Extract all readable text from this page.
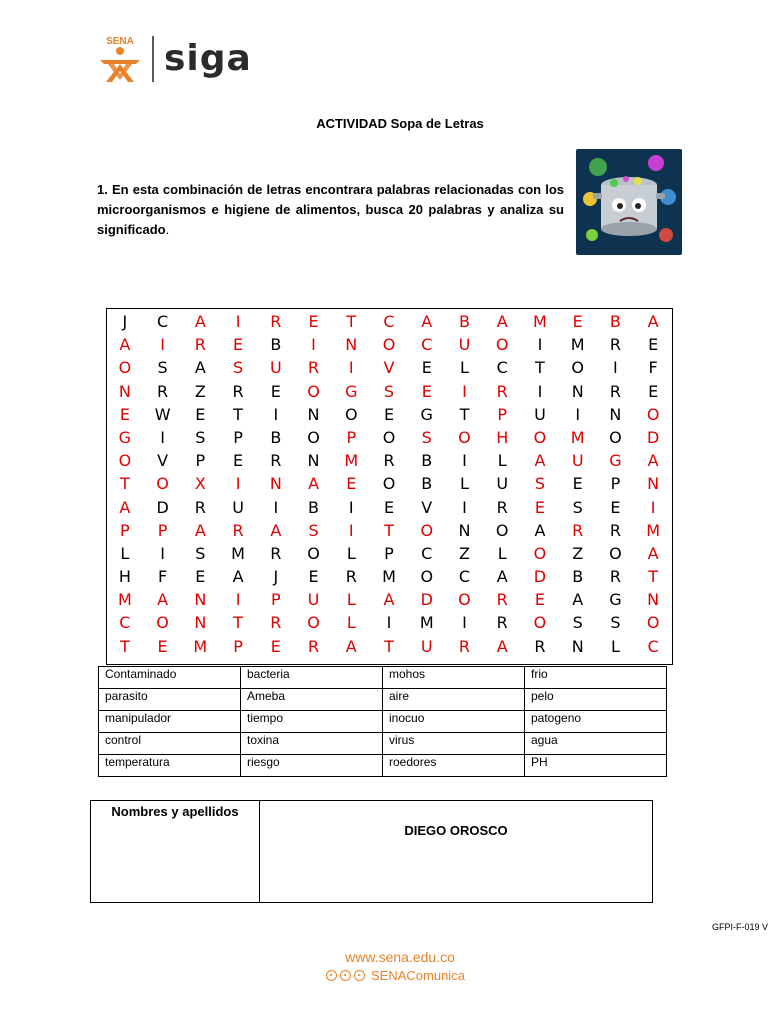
SENA siga
ACTIVIDAD Sopa de Letras
1. En esta combinación de letras encontrara palabras relacionadas con los microorganismos e higiene de alimentos, busca 20 palabras y analiza su significado.
J	C	A	I	R	E	T	C	A	B	A	M	E	B	A
A	I	R	E	B	I	N	O	C	U	O	I	M	R	E
O	S	A	S	U	R	I	V	E	L	C	T	O	I	F
N	R	Z	R	E	O	G	S	E	I	R	I	N	R	E
E	W	E	T	I	N	O	E	G	T	P	U	I	N	O
G	I	S	P	B	O	P	O	S	O	H	O	M	O	D
O	V	P	E	R	N	M	R	B	I	L	A	U	G	A
T	O	X	I	N	A	E	O	B	L	U	S	E	P	N
A	D	R	U	I	B	I	E	V	I	R	E	S	E	I
P	P	A	R	A	S	I	T	O	N	O	A	R	R	M
L	I	S	M	R	O	L	P	C	Z	L	O	Z	O	A
H	F	E	A	J	E	R	M	O	C	A	D	B	R	T
M	A	N	I	P	U	L	A	D	O	R	E	A	G	N
C	O	N	T	R	O	L	I	M	I	R	O	S	S	O
T	E	M	P	E	R	A	T	U	R	A	R	N	L	C
Contaminado	bacteria	mohos	frio
parasito	Ameba	aire	pelo
manipulador	tiempo	inocuo	patogeno
control	toxina	virus	agua
temperatura	riesgo	roedores	PH
Nombres y apellidos	DIEGO OROSCO
GFPI-F-019 V
www.sena.edu.co
SENAComunica
